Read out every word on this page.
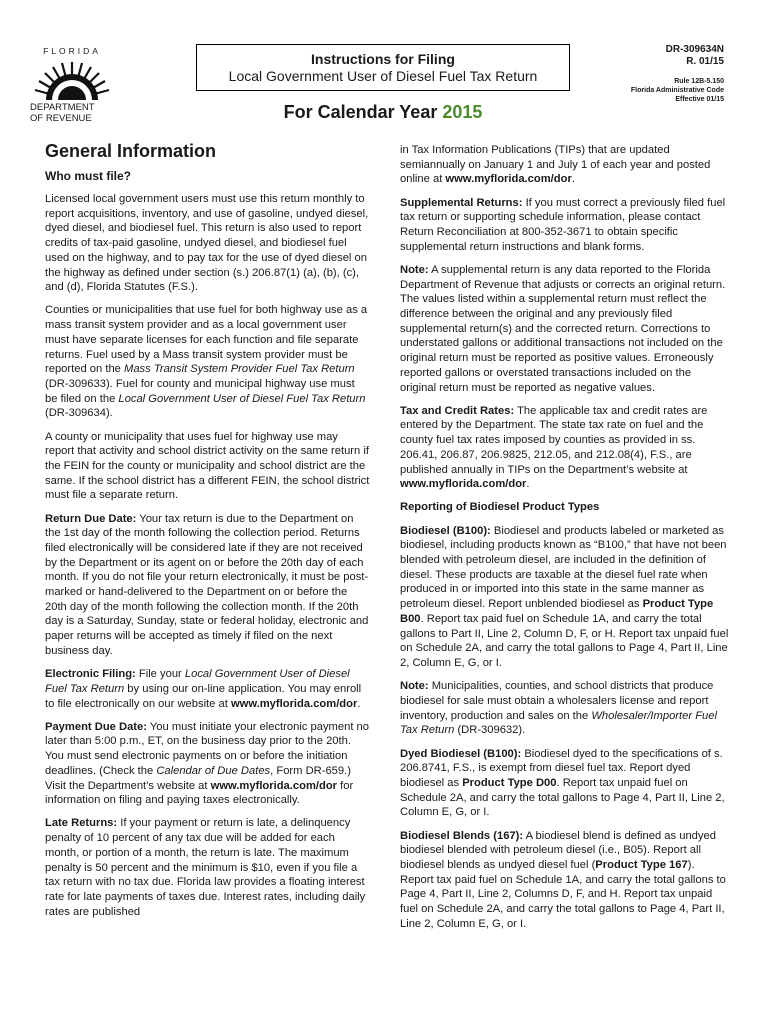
FLORIDA
DEPARTMENT
OF REVENUE
Instructions for Filing
Local Government User of Diesel Fuel Tax Return
DR-309634N
R. 01/15
Rule 12B-5.150
Florida Administrative Code
Effective 01/15
For Calendar Year 2015
General Information
Who must file?

Licensed local government users must use this return monthly to report acquisitions, inventory, and use of gasoline, undyed diesel, dyed diesel, and biodiesel fuel. This return is also used to report credits of tax-paid gasoline, undyed diesel, and biodiesel fuel used on the highway, and to pay tax for the use of dyed diesel on the highway as defined under section (s.) 206.87(1) (a), (b), (c), and (d), Florida Statutes (F.S.).

Counties or municipalities that use fuel for both highway use as a mass transit system provider and as a local government user must have separate licenses for each function and file separate returns. Fuel used by a Mass transit system provider must be reported on the Mass Transit System Provider Fuel Tax Return (DR-309633). Fuel for county and municipal highway use must be filed on the Local Government User of Diesel Fuel Tax Return (DR-309634).

A county or municipality that uses fuel for highway use may report that activity and school district activity on the same return if the FEIN for the county or municipality and school district are the same. If the school district has a different FEIN, the school district must file a separate return.

Return Due Date: Your tax return is due to the Department on the 1st day of the month following the collection period. Returns filed electronically will be considered late if they are not received by the Department or its agent on or before the 20th day of each month. If you do not file your return electronically, it must be post-marked or hand-delivered to the Department on or before the 20th day of the month following the collection month. If the 20th day is a Saturday, Sunday, state or federal holiday, electronic and paper returns will be accepted as timely if filed on the next business day.

Electronic Filing: File your Local Government User of Diesel Fuel Tax Return by using our on-line application. You may enroll to file electronically on our website at www.myflorida.com/dor.

Payment Due Date: You must initiate your electronic payment no later than 5:00 p.m., ET, on the business day prior to the 20th. You must send electronic payments on or before the initiation deadlines. (Check the Calendar of Due Dates, Form DR-659.) Visit the Department’s website at www.myflorida.com/dor for information on filing and paying taxes electronically.

Late Returns: If your payment or return is late, a delinquency penalty of 10 percent of any tax due will be added for each month, or portion of a month, the return is late. The maximum penalty is 50 percent and the minimum is $10, even if you file a tax return with no tax due. Florida law provides a floating interest rate for late payments of taxes due. Interest rates, including daily rates are published

in Tax Information Publications (TIPs) that are updated semiannually on January 1 and July 1 of each year and posted online at www.myflorida.com/dor.

Supplemental Returns: If you must correct a previously filed fuel tax return or supporting schedule information, please contact Return Reconciliation at 800-352-3671 to obtain specific supplemental return instructions and blank forms.

Note: A supplemental return is any data reported to the Florida Department of Revenue that adjusts or corrects an original return. The values listed within a supplemental return must reflect the difference between the original and any previously filed supplemental return(s) and the corrected return. Corrections to understated gallons or additional transactions not included on the original return must be reported as positive values. Erroneously reported gallons or overstated transactions included on the original return must be reported as negative values.

Tax and Credit Rates: The applicable tax and credit rates are entered by the Department. The state tax rate on fuel and the county fuel tax rates imposed by counties as provided in ss. 206.41, 206.87, 206.9825, 212.05, and 212.08(4), F.S., are published annually in TIPs on the Department’s website at www.myflorida.com/dor.

Reporting of Biodiesel Product Types

Biodiesel (B100): Biodiesel and products labeled or marketed as biodiesel, including products known as “B100,” that have not been blended with petroleum diesel, are included in the definition of diesel. These products are taxable at the diesel fuel rate when produced in or imported into this state in the same manner as petroleum diesel. Report unblended biodiesel as Product Type B00. Report tax paid fuel on Schedule 1A, and carry the total gallons to Part II, Line 2, Column D, F, or H. Report tax unpaid fuel on Schedule 2A, and carry the total gallons to Page 4, Part II, Line 2, Column E, G, or I.

Note: Municipalities, counties, and school districts that produce biodiesel for sale must obtain a wholesalers license and report inventory, production and sales on the Wholesaler/Importer Fuel Tax Return (DR-309632).

Dyed Biodiesel (B100): Biodiesel dyed to the specifications of s. 206.8741, F.S., is exempt from diesel fuel tax. Report dyed biodiesel as Product Type D00. Report tax unpaid fuel on Schedule 2A, and carry the total gallons to Page 4, Part II, Line 2, Column E, G, or I.

Biodiesel Blends (167): A biodiesel blend is defined as undyed biodiesel blended with petroleum diesel (i.e., B05). Report all biodiesel blends as undyed diesel fuel (Product Type 167). Report tax paid fuel on Schedule 1A, and carry the total gallons to Page 4, Part II, Line 2, Columns D, F, and H. Report tax unpaid fuel on Schedule 2A, and carry the total gallons to Page 4, Part II, Line 2, Column E, G, or I.
